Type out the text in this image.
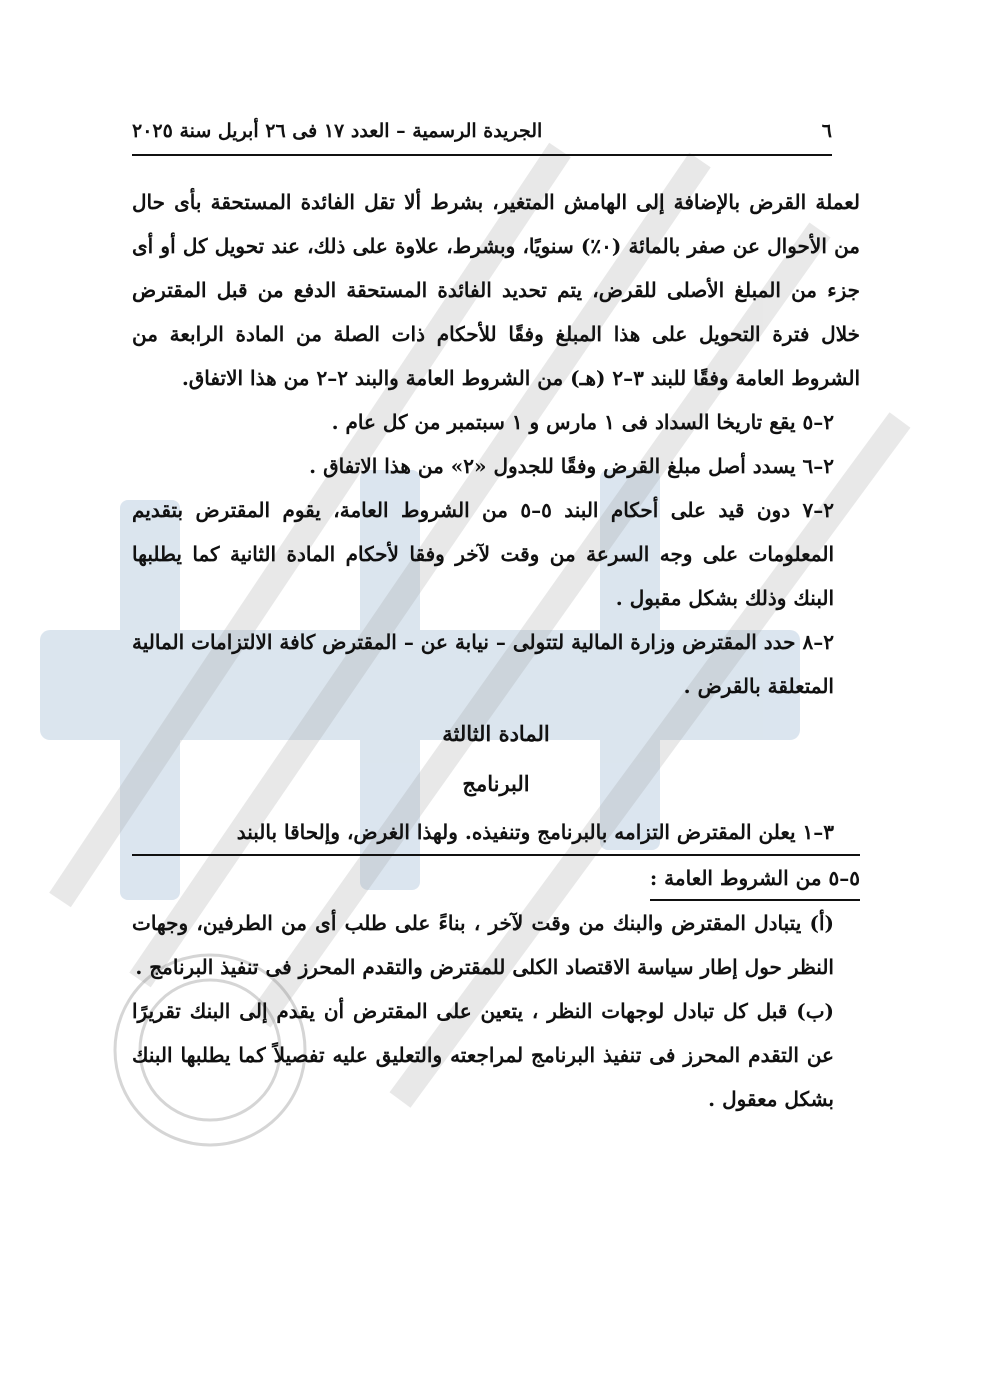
٦
الجريدة الرسمية – العدد ١٧ فى ٢٦ أبريل سنة ٢٠٢٥

لعملة القرض بالإضافة إلى الهامش المتغير، بشرط ألا تقل الفائدة المستحقة بأى حال من الأحوال عن صفر بالمائة (٠٪) سنويًا، وبشرط، علاوة على ذلك، عند تحويل كل أو أى جزء من المبلغ الأصلى للقرض، يتم تحديد الفائدة المستحقة الدفع من قبل المقترض خلال فترة التحويل على هذا المبلغ وفقًا للأحكام ذات الصلة من المادة الرابعة من الشروط العامة وفقًا للبند ٣–٢ (هـ) من الشروط العامة والبند ٢–٢ من هذا الاتفاق.

٢–٥ يقع تاريخا السداد فى ١ مارس و ١ سبتمبر من كل عام .

٢–٦ يسدد أصل مبلغ القرض وفقًا للجدول «٢» من هذا الاتفاق .

٢–٧ دون قيد على أحكام البند ٥–٥ من الشروط العامة، يقوم المقترض بتقديم المعلومات على وجه السرعة من وقت لآخر وفقا لأحكام المادة الثانية كما يطلبها البنك وذلك بشكل مقبول .

٢–٨ حدد المقترض وزارة المالية لتتولى – نيابة عن – المقترض كافة الالتزامات المالية المتعلقة بالقرض .

المادة الثالثة

البرنامج

٣–١ يعلن المقترض التزامه بالبرنامج وتنفيذه. ولهذا الغرض، وإلحاقا بالبند

٥–٥ من الشروط العامة :

(أ) يتبادل المقترض والبنك من وقت لآخر ، بناءً على طلب أى من الطرفين، وجهات النظر حول إطار سياسة الاقتصاد الكلى للمقترض والتقدم المحرز فى تنفيذ البرنامج .

(ب) قبل كل تبادل لوجهات النظر ، يتعين على المقترض أن يقدم إلى البنك تقريرًا عن التقدم المحرز فى تنفيذ البرنامج لمراجعته والتعليق عليه تفصيلاً كما يطلبها البنك بشكل معقول .
